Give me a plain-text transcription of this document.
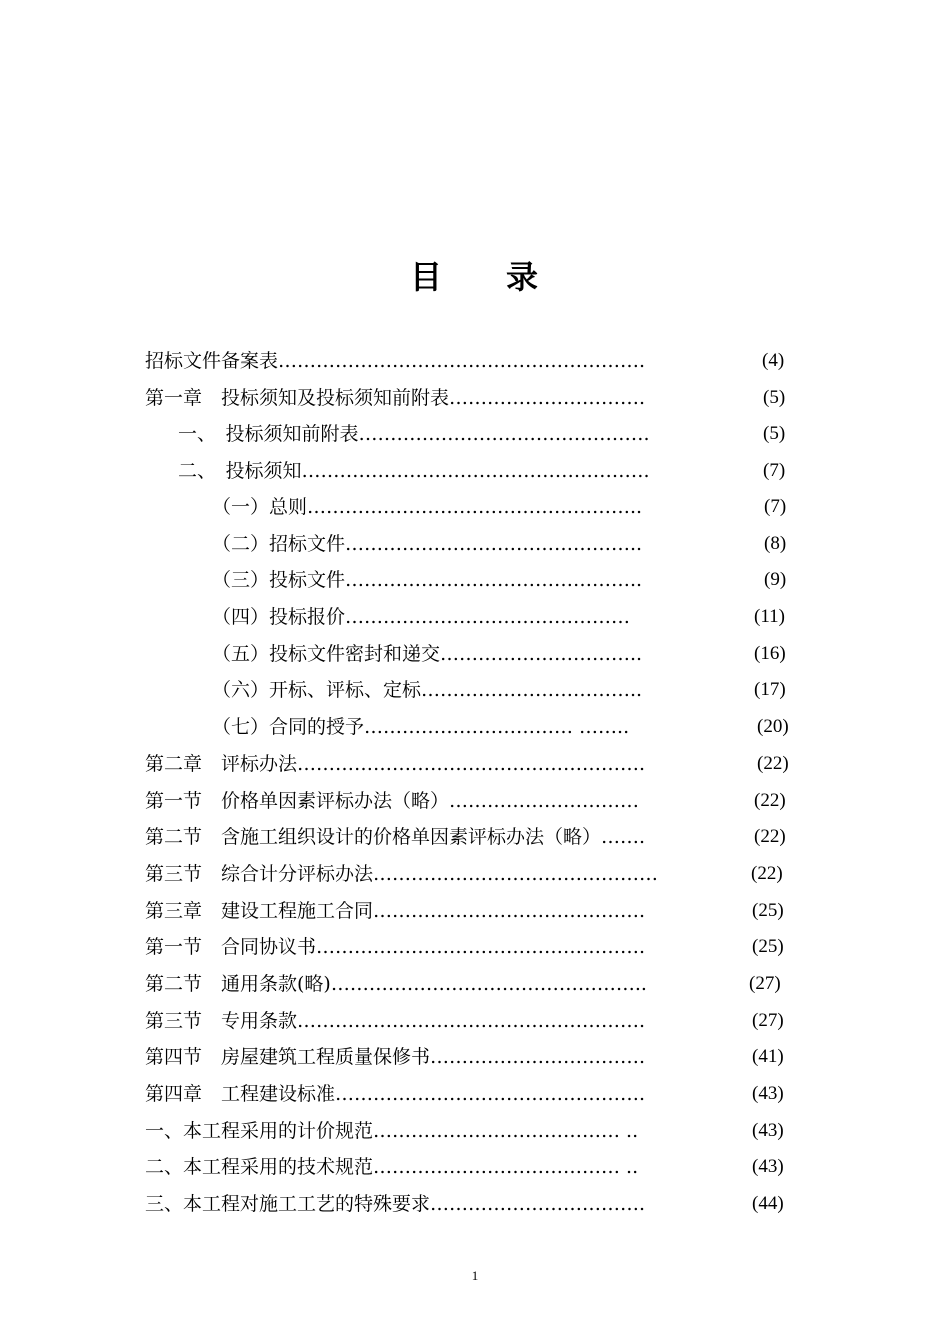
目 录
招标文件备案表………………………………………………….	(4)
第一章　投标须知及投标须知前附表………………………….	(5)
一、　投标须知前附表……………………………………….	(5)
二、　投标须知……………………………………………….	(7)
（一）总则……………………………………………..	(7)
（二）招标文件………………………………………..	(8)
（三）投标文件………………………………………..	(9)
（四）投标报价………………………………………	(11)
（五）投标文件密封和递交…………………………..	(16)
（六）开标、评标、定标……………………………..	(17)
（七）合同的授予…………………………… ……..	(20)
第二章　评标办法……………………………………………….	(22)
第一节　价格单因素评标办法（略）…………………………	(22)
第二节　含施工组织设计的价格单因素评标办法（略）…….	(22)
第三节　综合计分评标办法………………………………………	(22)
第三章　建设工程施工合同…………………………………….	(25)
第一节　合同协议书…………………………………………….	(25)
第二节　通用条款(略)…………………………………………..	(27)
第三节　专用条款……………………………………………….	(27)
第四节　房屋建筑工程质量保修书…………………………….	(41)
第四章　工程建设标准………………………………………….	(43)
一、本工程采用的计价规范………………………………… ..	(43)
二、本工程采用的技术规范………………………………… ..	(43)
三、本工程对施工工艺的特殊要求…………………………….	(44)
1
